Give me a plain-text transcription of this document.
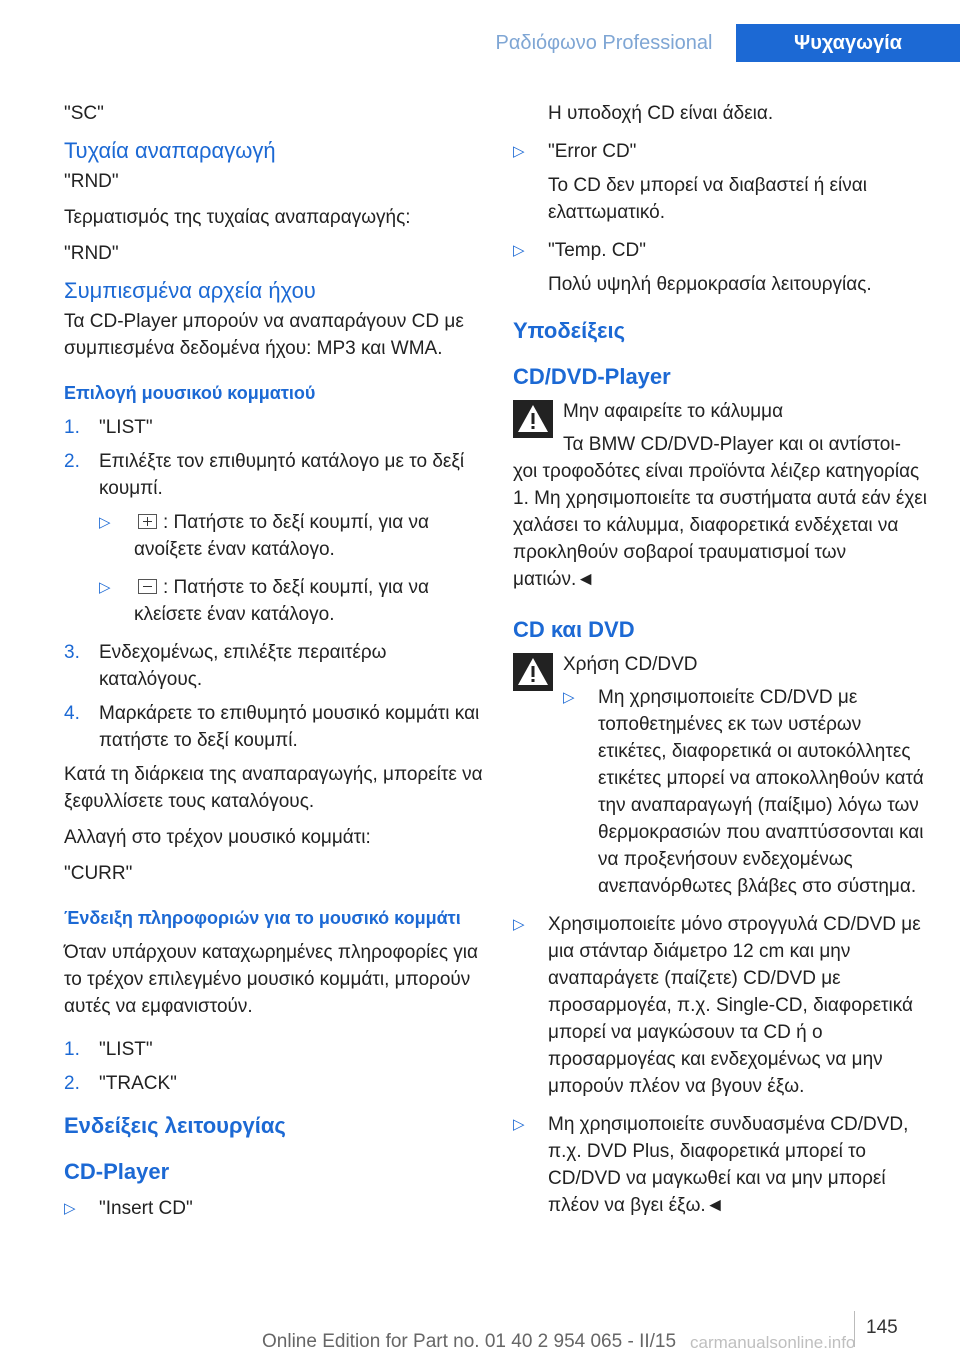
Ραδιόφωνο Professional	Ψυχαγωγία

"SC"

Τυχαία αναπαραγωγή

"RND"

Τερματισμός της τυχαίας αναπαραγωγής:

"RND"

Συμπιεσμένα αρχεία ήχου

Τα CD-Player μπορούν να αναπαράγουν CD με συμπιεσμένα δεδομένα ήχου: MP3 και WMA.

Επιλογή μουσικού κομματιού

1.	"LIST"
2.	Επιλέξτε τον επιθυμητό κατάλογο με το δεξί κουμπί.
▷	: Πατήστε το δεξί κουμπί, για να ανοίξετε έναν κατάλογο.
▷	: Πατήστε το δεξί κουμπί, για να κλείσετε έναν κατάλογο.
3.	Ενδεχομένως, επιλέξτε περαιτέρω καταλόγους.
4.	Μαρκάρετε το επιθυμητό μουσικό κομμάτι και πατήστε το δεξί κουμπί.

Κατά τη διάρκεια της αναπαραγωγής, μπορείτε να ξεφυλλίσετε τους καταλόγους.

Αλλαγή στο τρέχον μουσικό κομμάτι:

"CURR"

Ένδειξη πληροφοριών για το μουσικό κομμάτι

Όταν υπάρχουν καταχωρημένες πληροφορίες για το τρέχον επιλεγμένο μουσικό κομμάτι, μπορούν αυτές να εμφανιστούν.

1.	"LIST"
2.	"TRACK"

Ενδείξεις λειτουργίας

CD-Player

▷	"Insert CD"

Η υποδοχή CD είναι άδεια.

▷	"Error CD"

Το CD δεν μπορεί να διαβαστεί ή είναι ελαττωματικό.

▷	"Temp. CD"

Πολύ υψηλή θερμοκρασία λειτουργίας.

Υποδείξεις

CD/DVD-Player

Μην αφαιρείτε το κάλυμμα

Τα BMW CD/DVD-Player και οι αντίστοι-

χοι τροφοδότες είναι προϊόντα λέιζερ κατηγορίας 1. Μη χρησιμοποιείτε τα συστήματα αυτά εάν έχει χαλάσει το κάλυμμα, διαφορετικά ενδέχεται να προκληθούν σοβαροί τραυματισμοί των ματιών.◄

CD και DVD

Χρήση CD/DVD

▷	Μη χρησιμοποιείτε CD/DVD με τοποθετημένες εκ των υστέρων ετικέτες, διαφορετικά οι αυτοκόλλητες ετικέτες μπορεί να αποκολληθούν κατά την αναπαραγωγή (παίξιμο) λόγω των θερμοκρασιών που αναπτύσσονται και να προξενήσουν ενδεχομένως ανεπανόρθωτες βλάβες στο σύστημα.
▷	Χρησιμοποιείτε μόνο στρογγυλά CD/DVD με μια στάνταρ διάμετρο 12 cm και μην αναπαράγετε (παίζετε) CD/DVD με προσαρμογέα, π.χ. Single-CD, διαφορετικά μπορεί να μαγκώσουν τα CD ή ο προσαρμογέας και ενδεχομένως να μην μπορούν πλέον να βγουν έξω.
▷	Μη χρησιμοποιείτε συνδυασμένα CD/DVD, π.χ. DVD Plus, διαφορετικά μπορεί το CD/DVD να μαγκωθεί και να μην μπορεί πλέον να βγει έξω.◄
145
Online Edition for Part no. 01 40 2 954 065 - II/15 carmanualsonline.info
